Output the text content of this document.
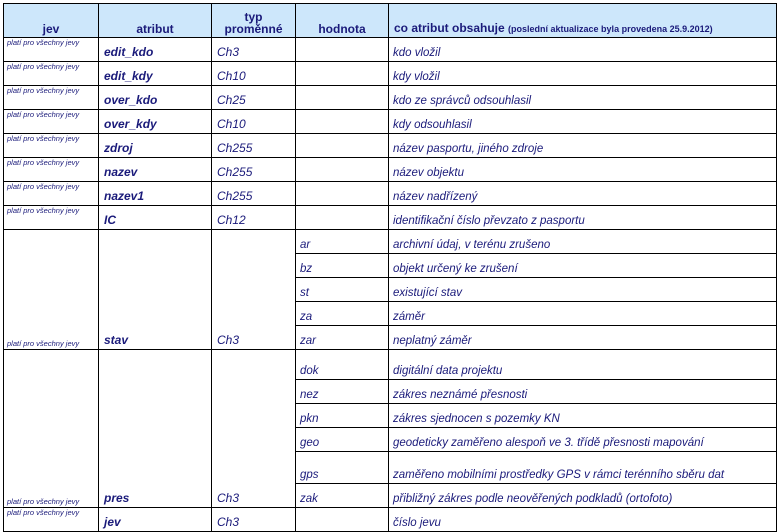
jev	atribut	typ proměnné	hodnota	co atribut obsahuje (poslední aktualizace byla provedena 25.9.2012)
platí pro všechny jevy	edit_kdo	Ch3		kdo vložil
platí pro všechny jevy	edit_kdy	Ch10		kdy vložil
platí pro všechny jevy	over_kdo	Ch25		kdo ze správců odsouhlasil
platí pro všechny jevy	over_kdy	Ch10		kdy odsouhlasil
platí pro všechny jevy	zdroj	Ch255		název pasportu, jiného zdroje
platí pro všechny jevy	nazev	Ch255		název objektu
platí pro všechny jevy	nazev1	Ch255		název nadřízený
platí pro všechny jevy	IC	Ch12		identifikační číslo převzato z pasportu
platí pro všechny jevy	stav	Ch3	ar	archivní údaj, v terénu zrušeno
			bz	objekt určený ke zrušení
			st	existující stav
			za	záměr
			zar	neplatný záměr
platí pro všechny jevy	pres	Ch3	dok	digitální data projektu
			nez	zákres neznámé přesnosti
			pkn	zákres sjednocen s pozemky KN
			geo	geodeticky zaměřeno alespoň ve 3. třídě přesnosti mapování
			gps	zaměřeno mobilními prostředky GPS v rámci terénního sběru dat
			zak	přibližný zákres podle neověřených podkladů (ortofoto)
platí pro všechny jevy	jev	Ch3		číslo jevu
